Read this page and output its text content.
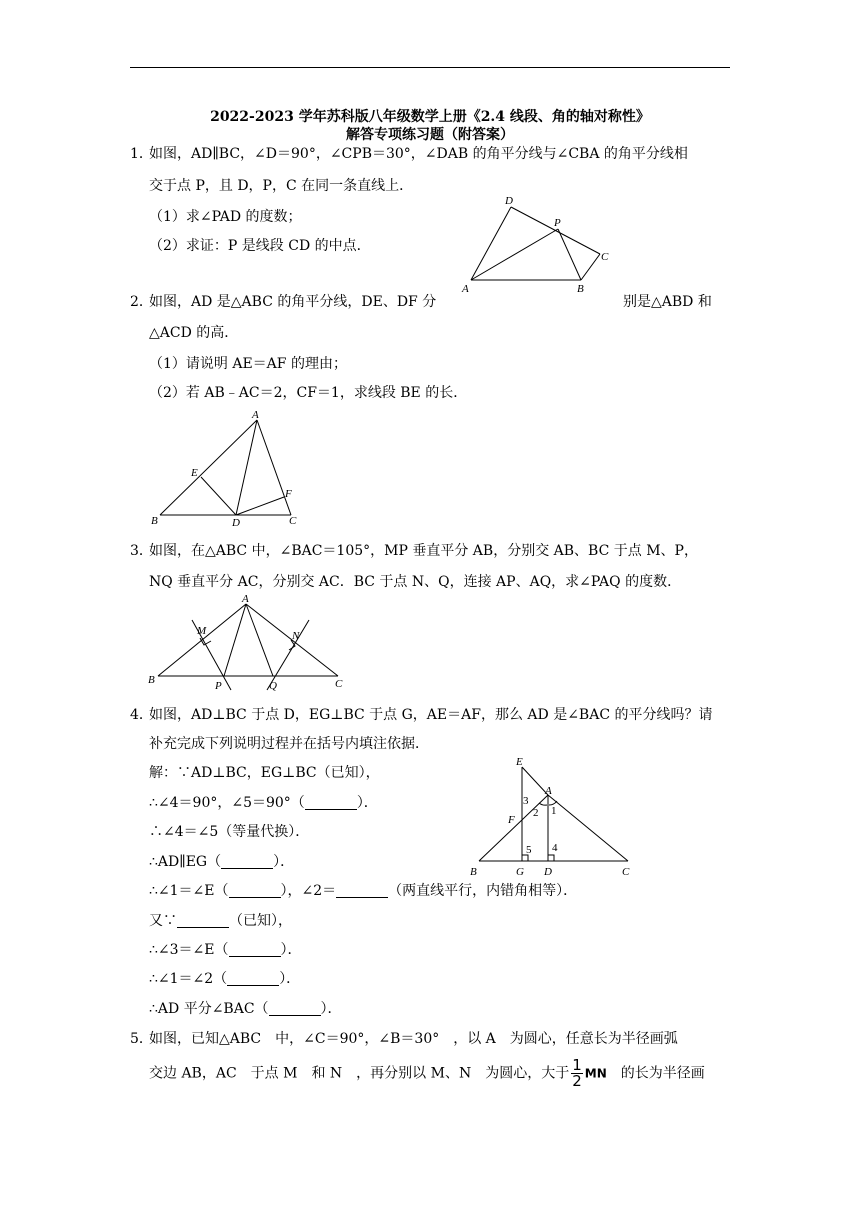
2022-2023 学年苏科版八年级数学上册《2.4 线段、角的轴对称性》
解答专项练习题（附答案）
1．
如图，AD∥BC，∠D＝90°，∠CPB＝30°，∠DAB 的角平分线与∠CBA 的角平分线相
交于点 P，且 D，P，C 在同一条直线上．
（1）求∠PAD 的度数；
（2）求证：P 是线段 CD 的中点．
D
P
C
A	B
2．
如图，AD 是△ABC 的角平分线，DE、DF 分	别是△ABD 和
△ACD 的高．
（1）请说明 AE＝AF 的理由；
（2）若 AB﹣AC＝2，CF＝1，求线段 BE 的长．
A
E
F
B	D	C
3．
如图，在△ABC 中，∠BAC＝105°，MP 垂直平分 AB，分别交 AB、BC 于点 M、P，
NQ 垂直平分 AC，分别交 AC．BC 于点 N、Q，连接 AP、AQ，求∠PAQ 的度数．
A
M	N
B	P	Q	C
4．
如图，AD⊥BC 于点 D，EG⊥BC 于点 G，AE＝AF，那么 AD 是∠BAC 的平分线吗？请
补充完成下列说明过程并在括号内填注依据．
解：∵AD⊥BC，EG⊥BC（已知），
∴∠4＝90°，∠5＝90°（	）．
∴∠4＝∠5（等量代换）．
∴AD∥EG（	）．
∴∠1＝∠E（	），∠2＝	（两直线平行，内错角相等）．
又∵	（已知），
∴∠3＝∠E（	）．
∴∠1＝∠2（	）．
∴AD 平分∠BAC（	）．
E
A
F
3
2 1
4
5
B	G D	C
5．
如图，已知△ABC　中，∠C＝90°，∠B＝30°　，以 A　为圆心，任意长为半径画弧
交边 AB，AC　于点 M　和 N　，再分别以 M、N　为圆心，大于 $\frac{1}{2}$ MN　 的长为半径画
